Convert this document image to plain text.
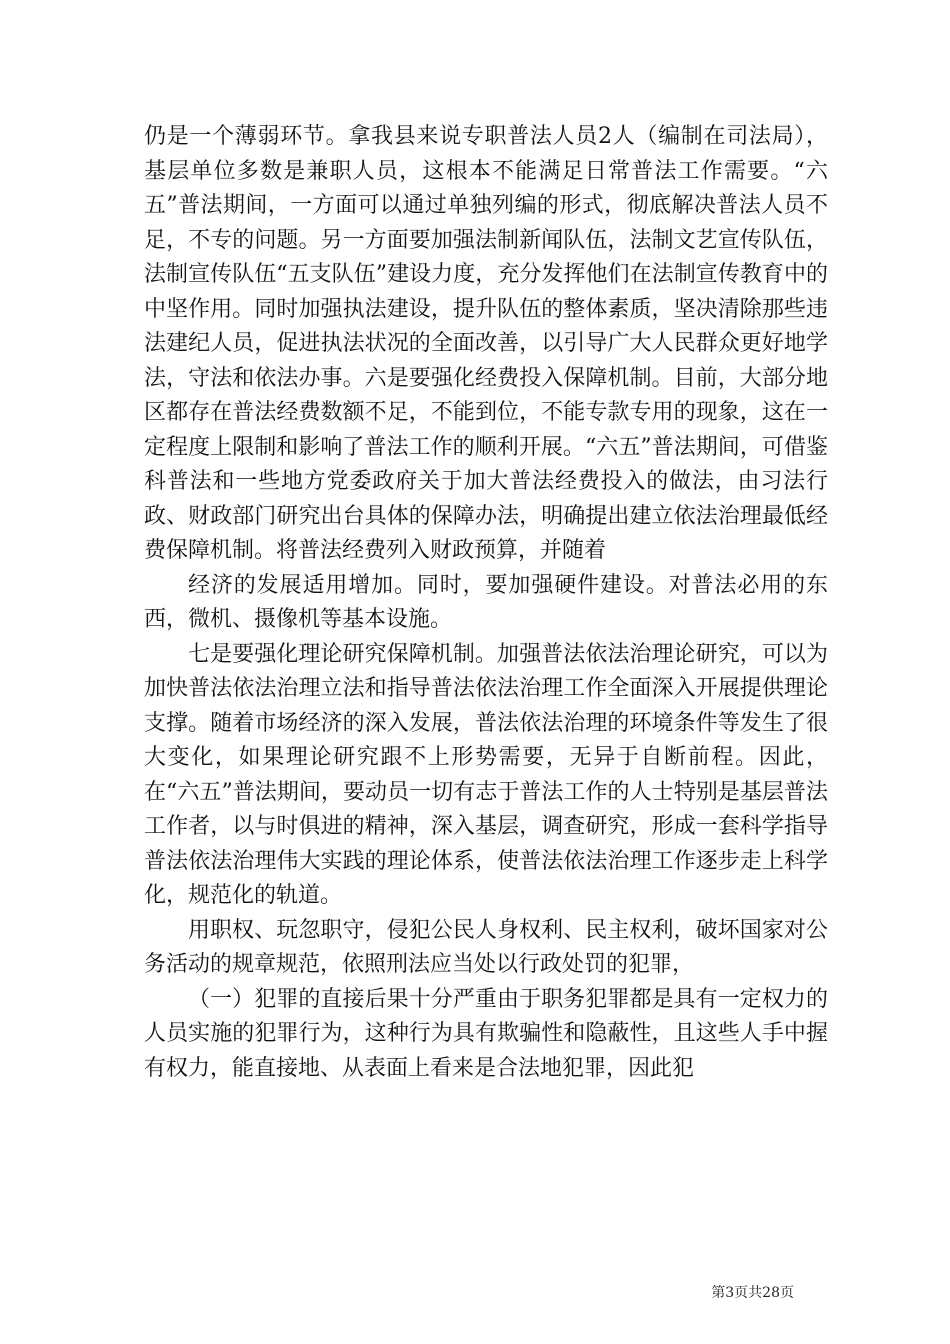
仍是一个薄弱环节。拿我县来说专职普法人员2人（编制在司法局），基层单位多数是兼职人员，这根本不能满足日常普法工作需要。“六五”普法期间，一方面可以通过单独列编的形式，彻底解决普法人员不足，不专的问题。另一方面要加强法制新闻队伍，法制文艺宣传队伍，法制宣传队伍“五支队伍”建设力度，充分发挥他们在法制宣传教育中的中坚作用。同时加强执法建设，提升队伍的整体素质，坚决清除那些违法建纪人员，促进执法状况的全面改善，以引导广大人民群众更好地学法，守法和依法办事。六是要强化经费投入保障机制。目前，大部分地区都存在普法经费数额不足，不能到位，不能专款专用的现象，这在一定程度上限制和影响了普法工作的顺利开展。“六五”普法期间，可借鉴科普法和一些地方党委政府关于加大普法经费投入的做法，由习法行政、财政部门研究出台具体的保障办法，明确提出建立依法治理最低经费保障机制。将普法经费列入财政预算，并随着

经济的发展适用增加。同时，要加强硬件建设。对普法必用的东西，微机、摄像机等基本设施。

七是要强化理论研究保障机制。加强普法依法治理论研究，可以为加快普法依法治理立法和指导普法依法治理工作全面深入开展提供理论支撑。随着市场经济的深入发展，普法依法治理的环境条件等发生了很大变化，如果理论研究跟不上形势需要，无异于自断前程。因此，在“六五”普法期间，要动员一切有志于普法工作的人士特别是基层普法工作者，以与时俱进的精神，深入基层，调查研究，形成一套科学指导普法依法治理伟大实践的理论体系，使普法依法治理工作逐步走上科学化，规范化的轨道。

用职权、玩忽职守，侵犯公民人身权利、民主权利，破坏国家对公务活动的规章规范，依照刑法应当处以行政处罚的犯罪，

（一）犯罪的直接后果十分严重由于职务犯罪都是具有一定权力的人员实施的犯罪行为，这种行为具有欺骗性和隐蔽性，且这些人手中握有权力，能直接地、从表面上看来是合法地犯罪，因此犯

第3页共28页
